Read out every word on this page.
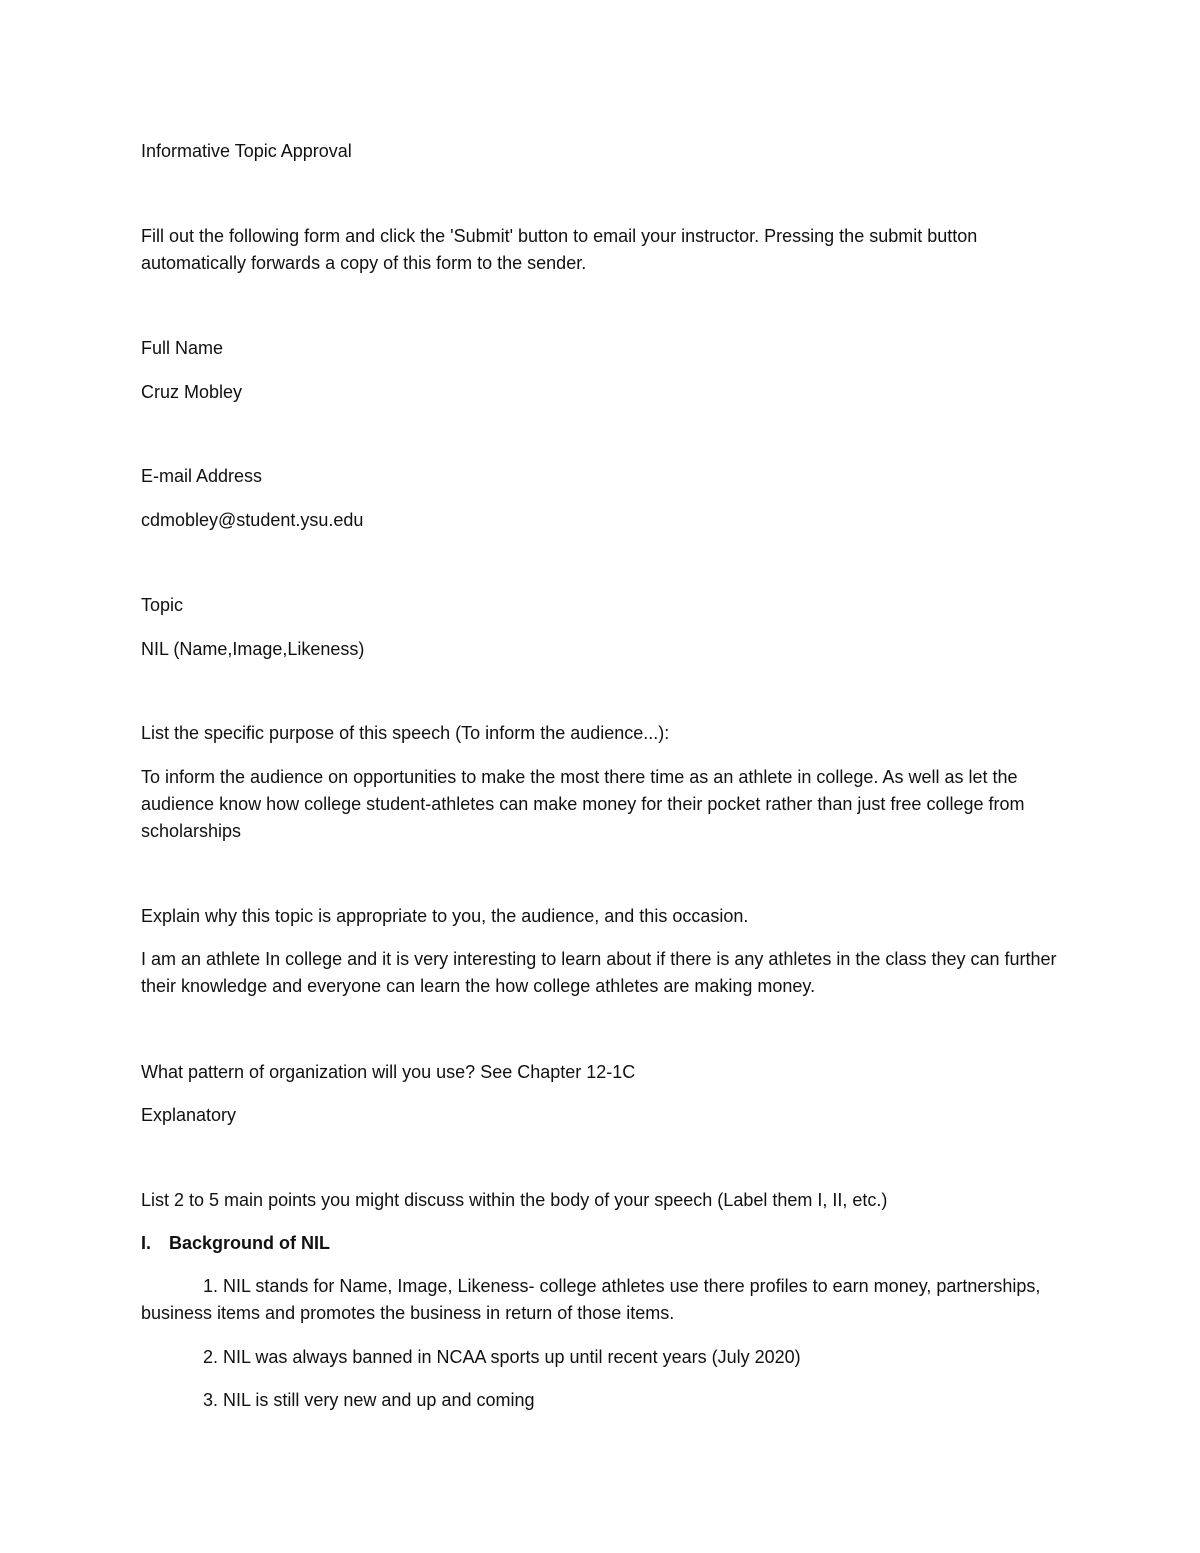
Informative Topic Approval
Fill out the following form and click the 'Submit' button to email your instructor. Pressing the submit button automatically forwards a copy of this form to the sender.
Full Name
Cruz Mobley
E-mail Address
cdmobley@student.ysu.edu
Topic
NIL (Name,Image,Likeness)
List the specific purpose of this speech (To inform the audience...):
To inform the audience on opportunities to make the most there time as an athlete in college. As well as let the audience know how college student-athletes can make money for their pocket rather than just free college from scholarships
Explain why this topic is appropriate to you, the audience, and this occasion.
I am an athlete In college and it is very interesting to learn about if there is any athletes in the class they can further their knowledge and everyone can learn the how college athletes are making money.
What pattern of organization will you use? See Chapter 12-1C
Explanatory
List 2 to 5 main points you might discuss within the body of your speech (Label them I, II, etc.)
I. Background of NIL
1. NIL stands for Name, Image, Likeness- college athletes use there profiles to earn money, partnerships, business items and promotes the business in return of those items.
2. NIL was always banned in NCAA sports up until recent years (July 2020)
3. NIL is still very new and up and coming
